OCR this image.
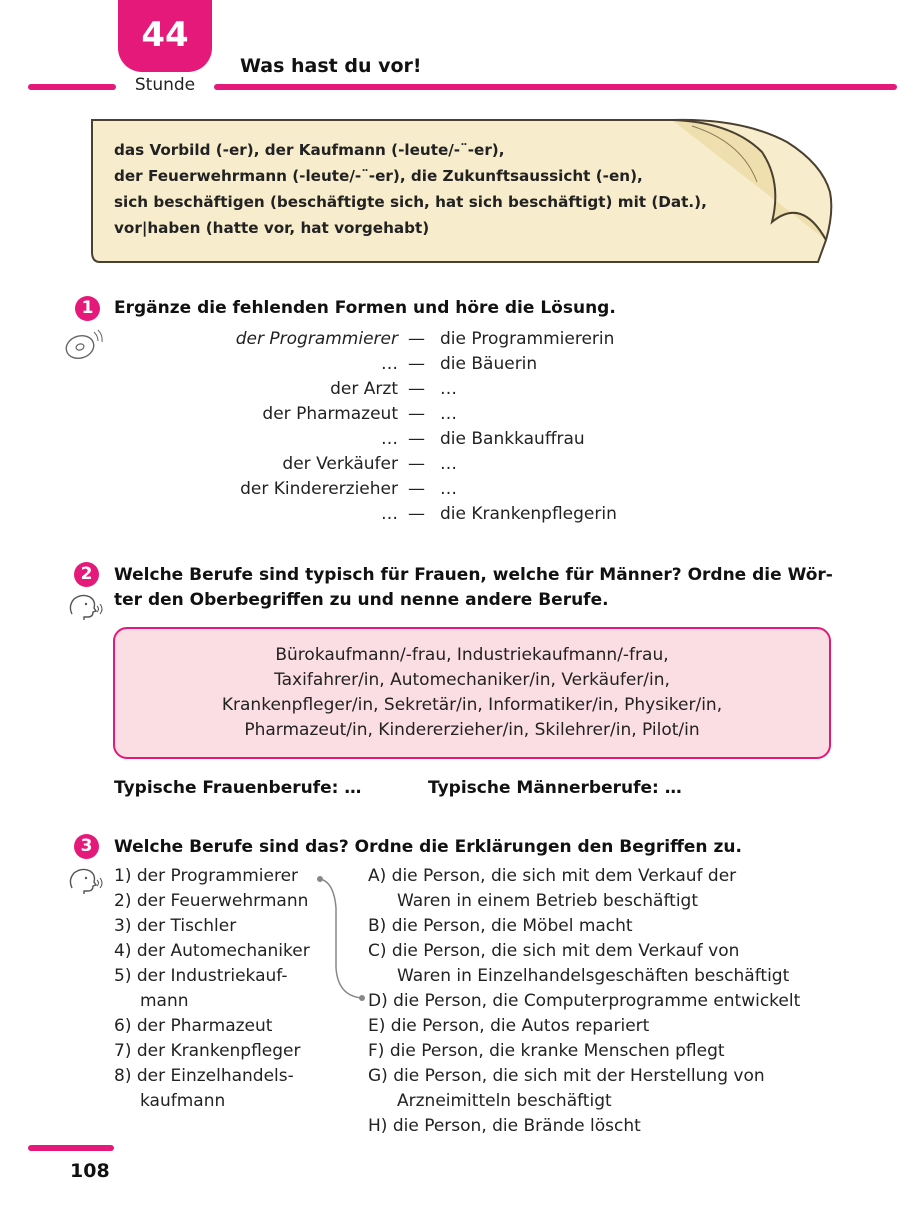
44
Stunde
Was hast du vor!
das Vorbild (-er), der Kaufmann (-leute/-¨-er),
der Feuerwehrmann (-leute/-¨-er), die Zukunftsaussicht (-en),
sich beschäftigen (beschäftigte sich, hat sich beschäftigt) mit (Dat.),
vor|haben (hatte vor, hat vorgehabt)
1	Ergänze die fehlenden Formen und höre die Lösung.
der Programmierer — die Programmiererin
… — die Bäuerin
der Arzt — …
der Pharmazeut — …
… — die Bankkauffrau
der Verkäufer — …
der Kindererzieher — …
… — die Krankenpflegerin
2	Welche Berufe sind typisch für Frauen, welche für Männer? Ordne die Wör-
ter den Oberbegriffen zu und nenne andere Berufe.
Bürokaufmann/-frau, Industriekaufmann/-frau,
Taxifahrer/in, Automechaniker/in, Verkäufer/in,
Krankenpfleger/in, Sekretär/in, Informatiker/in, Physiker/in,
Pharmazeut/in, Kindererzieher/in, Skilehrer/in, Pilot/in
Typische Frauenberufe: …	Typische Männerberufe: …
3	Welche Berufe sind das? Ordne die Erklärungen den Begriffen zu.
1) der Programmierer
2) der Feuerwehrmann
3) der Tischler
4) der Automechaniker
5) der Industriekauf-
mann
6) der Pharmazeut
7) der Krankenpfleger
8) der Einzelhandels-
kaufmann
A) die Person, die sich mit dem Verkauf der
Waren in einem Betrieb beschäftigt
B) die Person, die Möbel macht
C) die Person, die sich mit dem Verkauf von
Waren in Einzelhandelsgeschäften beschäftigt
D) die Person, die Computerprogramme entwickelt
E) die Person, die Autos repariert
F) die Person, die kranke Menschen pflegt
G) die Person, die sich mit der Herstellung von
Arzneimitteln beschäftigt
H) die Person, die Brände löscht
108
